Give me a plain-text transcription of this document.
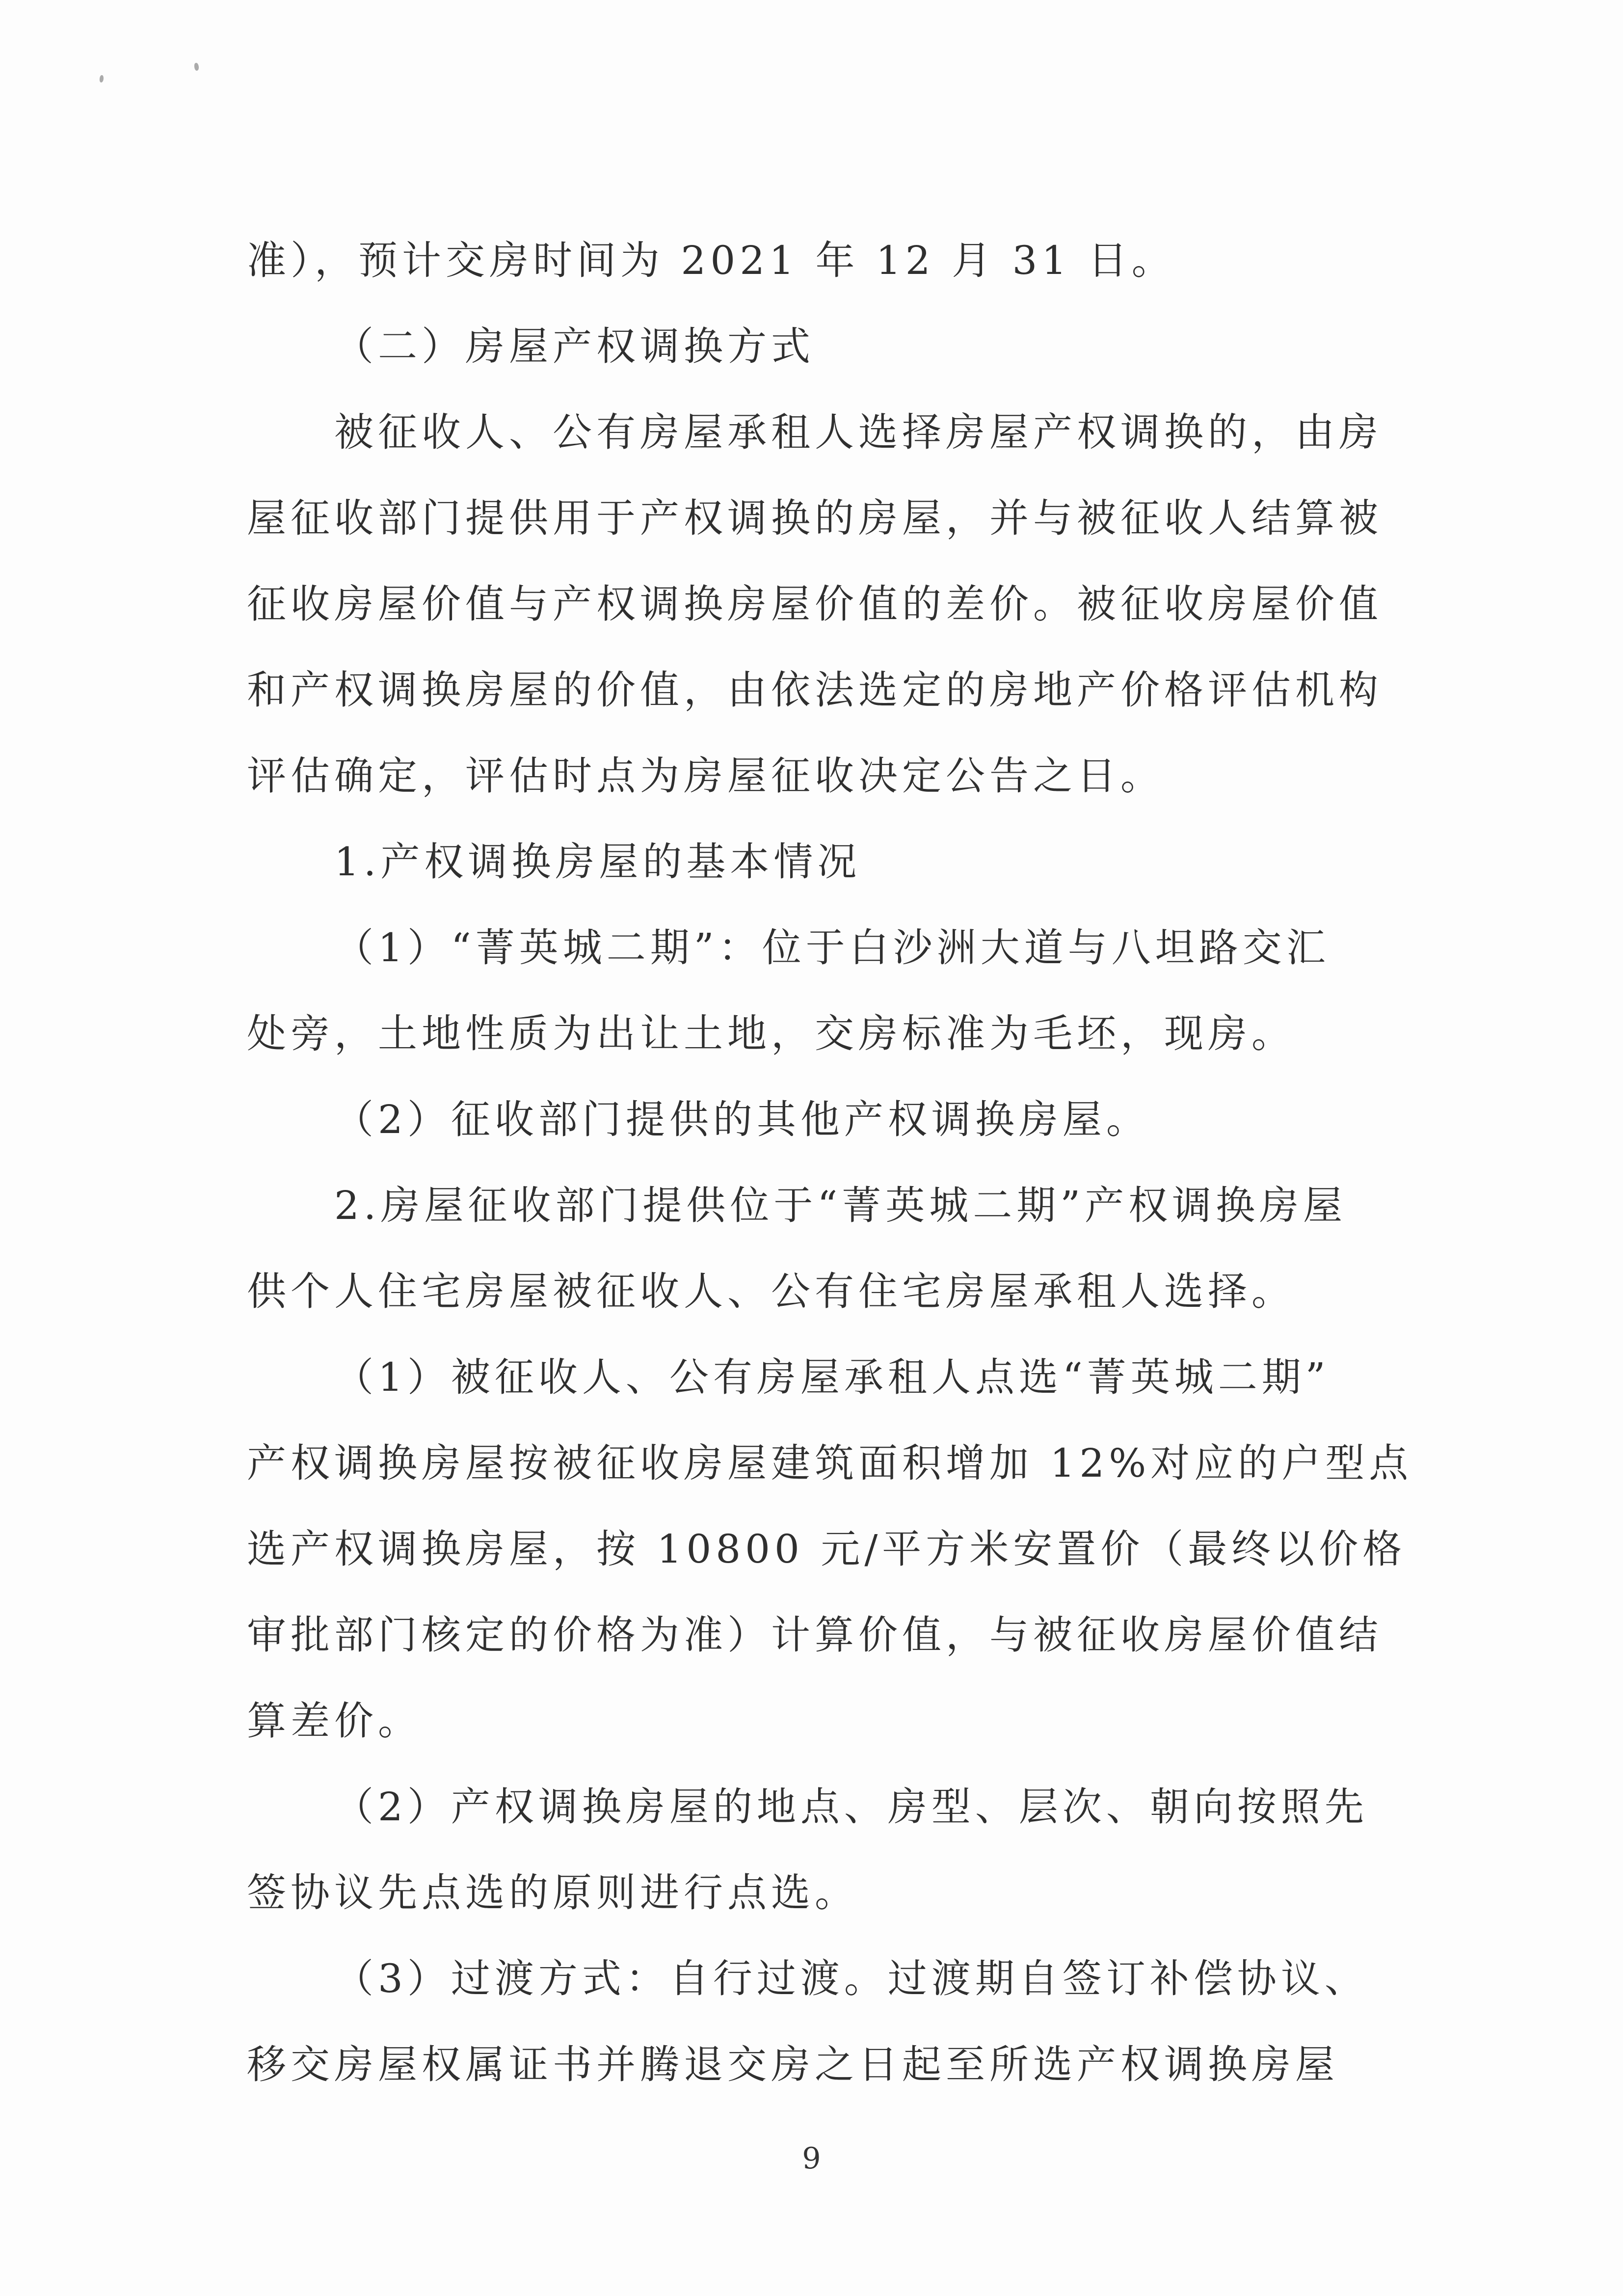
准），预计交房时间为 2021 年 12 月 31 日。

（二）房屋产权调换方式

被征收人、公有房屋承租人选择房屋产权调换的，由房

屋征收部门提供用于产权调换的房屋，并与被征收人结算被

征收房屋价值与产权调换房屋价值的差价。被征收房屋价值

和产权调换房屋的价值，由依法选定的房地产价格评估机构

评估确定，评估时点为房屋征收决定公告之日。

1.产权调换房屋的基本情况

（1）“菁英城二期”：位于白沙洲大道与八坦路交汇

处旁，土地性质为出让土地，交房标准为毛坯，现房。

（2）征收部门提供的其他产权调换房屋。

2.房屋征收部门提供位于“菁英城二期”产权调换房屋

供个人住宅房屋被征收人、公有住宅房屋承租人选择。

（1）被征收人、公有房屋承租人点选“菁英城二期”

产权调换房屋按被征收房屋建筑面积增加 12%对应的户型点

选产权调换房屋，按 10800 元/平方米安置价（最终以价格

审批部门核定的价格为准）计算价值，与被征收房屋价值结

算差价。

（2）产权调换房屋的地点、房型、层次、朝向按照先

签协议先点选的原则进行点选。

（3）过渡方式：自行过渡。过渡期自签订补偿协议、

移交房屋权属证书并腾退交房之日起至所选产权调换房屋

9
